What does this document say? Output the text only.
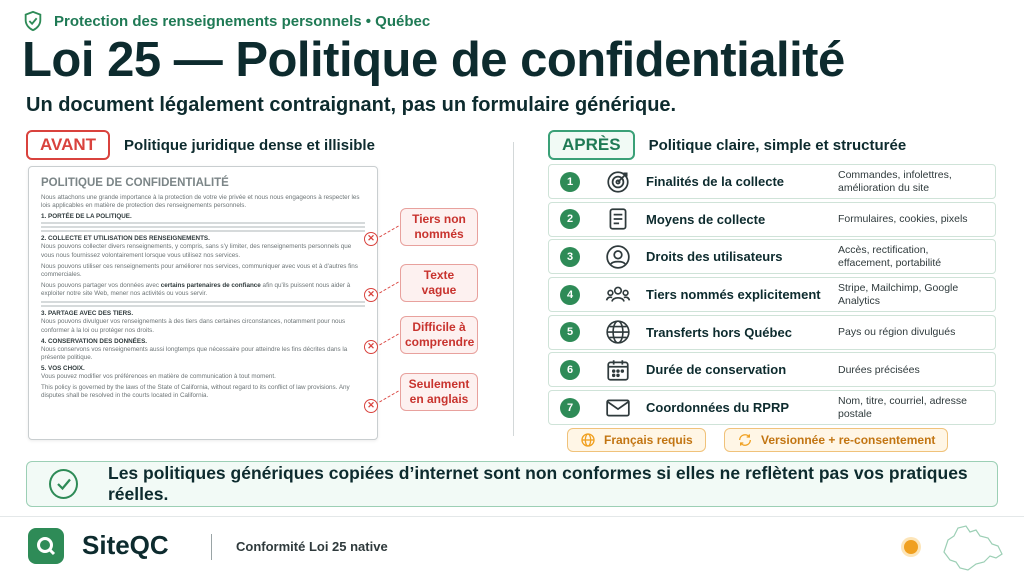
Protection des renseignements personnels • Québec
Loi 25 — Politique de confidentialité
Un document légalement contraignant, pas un formulaire générique.
AVANT	Politique juridique dense et illisible
POLITIQUE DE CONFIDENTIALITÉ

Nous attachons une grande importance à la protection de votre vie privée et nous nous engageons à respecter les lois applicables en matière de protection des renseignements personnels.

1. PORTÉE DE LA POLITIQUE.
2. COLLECTE ET UTILISATION DES RENSEIGNEMENTS.

Nous pouvons collecter divers renseignements, y compris, sans s'y limiter, des renseignements personnels que vous nous fournissez volontairement lorsque vous utilisez nos services.

Nous pouvons utiliser ces renseignements pour améliorer nos services, communiquer avec vous et à d'autres fins commerciales.

Nous pouvons partager vos données avec certains partenaires de confiance afin qu'ils puissent nous aider à exploiter notre site Web, mener nos activités ou vous servir.

3. PARTAGE AVEC DES TIERS.

Nous pouvons divulguer vos renseignements à des tiers dans certaines circonstances, notamment pour nous conformer à la loi ou protéger nos droits.

4. CONSERVATION DES DONNÉES.

Nous conservons vos renseignements aussi longtemps que nécessaire pour atteindre les fins décrites dans la présente politique.

5. VOS CHOIX.

Vous pouvez modifier vos préférences en matière de communication à tout moment.

This policy is governed by the laws of the State of California, without regard to its conflict of law provisions. Any disputes shall be resolved in the courts located in California.

✕
Tiers non nommés
✕
Texte vague
✕
Difficile à comprendre
✕
Seulement en anglais
APRÈS	Politique claire, simple et structurée
1	Finalités de la collecte	Commandes, infolettres, amélioration du site
2	Moyens de collecte	Formulaires, cookies, pixels
3	Droits des utilisateurs	Accès, rectification, effacement, portabilité
4	Tiers nommés explicitement	Stripe, Mailchimp, Google Analytics
5	Transferts hors Québec	Pays ou région divulgués
6	Durée de conservation	Durées précisées
7	Coordonnées du RPRP	Nom, titre, courriel, adresse postale
Français requis	Versionnée + re-consentement
Les politiques génériques copiées d’internet sont non conformes si elles ne reflètent pas vos pratiques réelles.
SiteQC	Conformité Loi 25 native
